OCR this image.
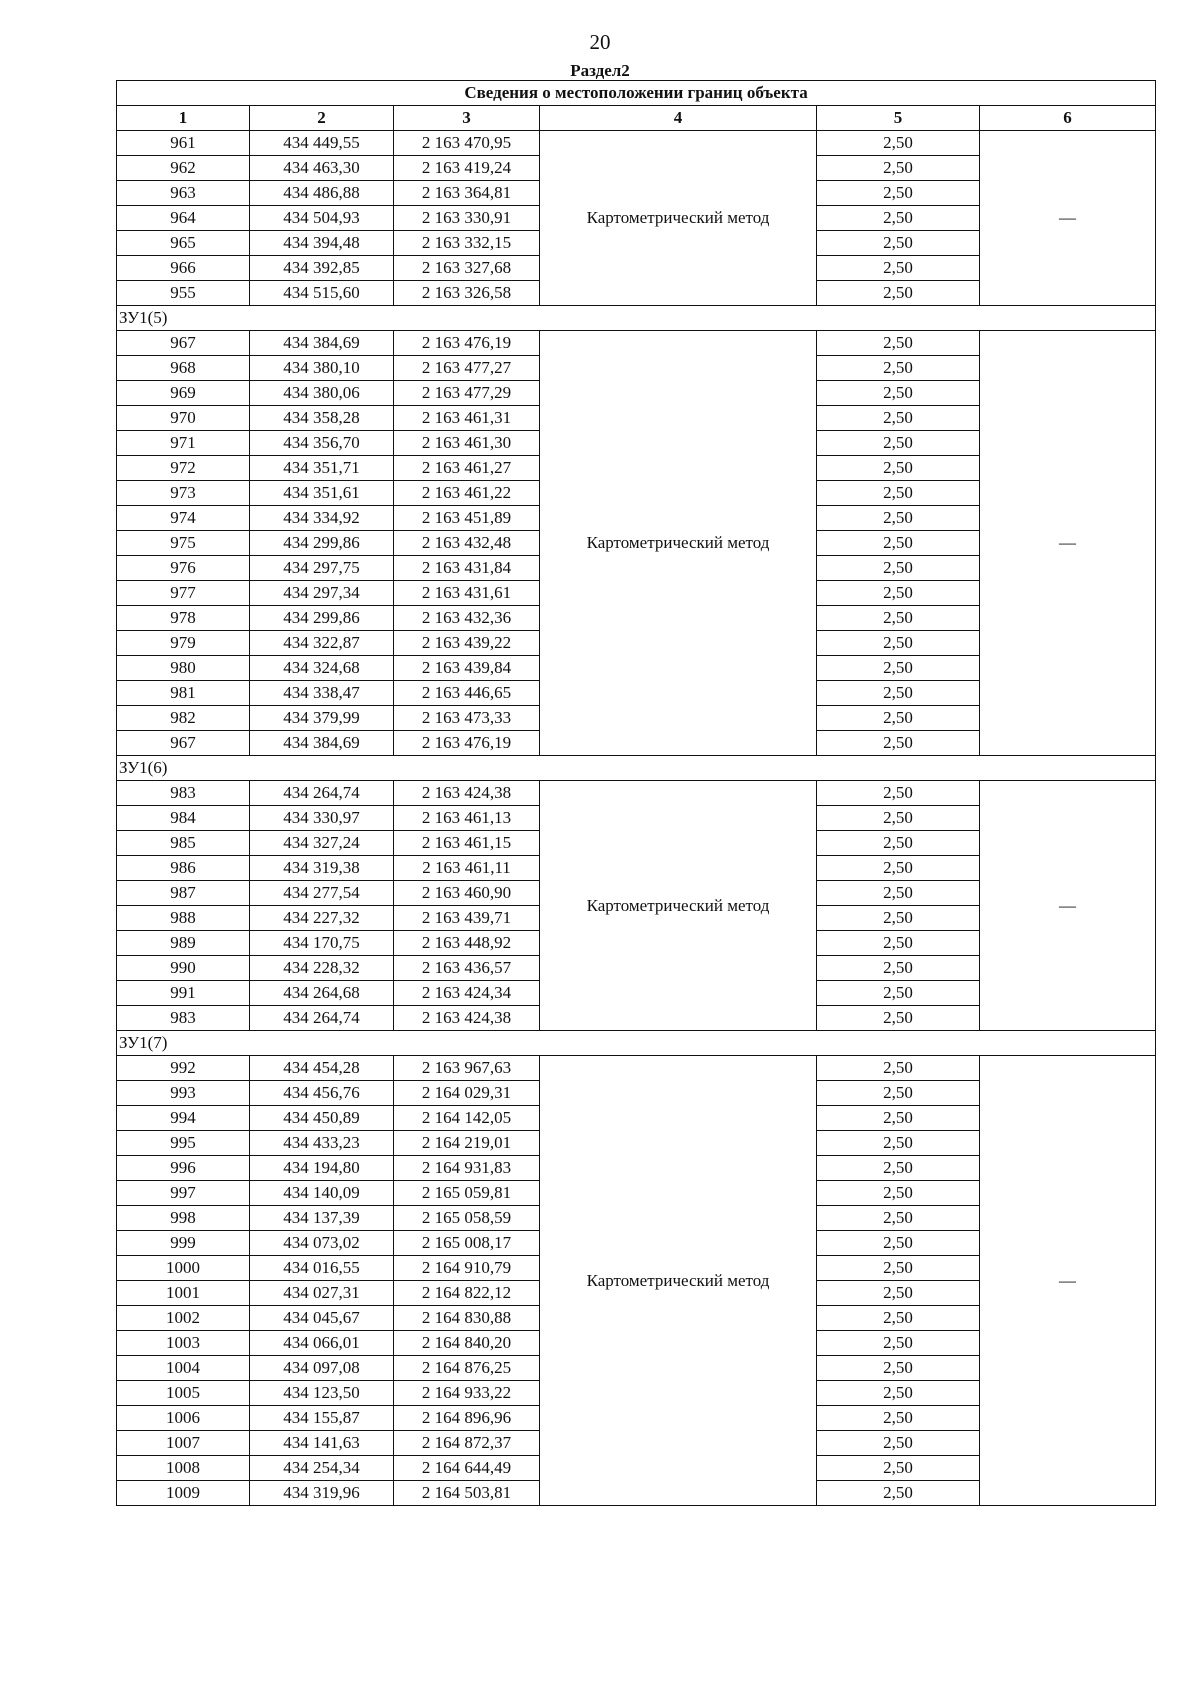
20
Раздел2
Сведения о местоположении границ объекта					
1	2	3	4	5	6
961	434 449,55	2 163 470,95	Картометрический метод	2,50	—
962	434 463,30	2 163 419,24		2,50	
963	434 486,88	2 163 364,81		2,50	
964	434 504,93	2 163 330,91		2,50	
965	434 394,48	2 163 332,15		2,50	
966	434 392,85	2 163 327,68		2,50	
955	434 515,60	2 163 326,58		2,50	
ЗУ1(5)					
967	434 384,69	2 163 476,19	Картометрический метод	2,50	—
968	434 380,10	2 163 477,27		2,50	
969	434 380,06	2 163 477,29		2,50	
970	434 358,28	2 163 461,31		2,50	
971	434 356,70	2 163 461,30		2,50	
972	434 351,71	2 163 461,27		2,50	
973	434 351,61	2 163 461,22		2,50	
974	434 334,92	2 163 451,89		2,50	
975	434 299,86	2 163 432,48		2,50	
976	434 297,75	2 163 431,84		2,50	
977	434 297,34	2 163 431,61		2,50	
978	434 299,86	2 163 432,36		2,50	
979	434 322,87	2 163 439,22		2,50	
980	434 324,68	2 163 439,84		2,50	
981	434 338,47	2 163 446,65		2,50	
982	434 379,99	2 163 473,33		2,50	
967	434 384,69	2 163 476,19		2,50	
ЗУ1(6)					
983	434 264,74	2 163 424,38	Картометрический метод	2,50	—
984	434 330,97	2 163 461,13		2,50	
985	434 327,24	2 163 461,15		2,50	
986	434 319,38	2 163 461,11		2,50	
987	434 277,54	2 163 460,90		2,50	
988	434 227,32	2 163 439,71		2,50	
989	434 170,75	2 163 448,92		2,50	
990	434 228,32	2 163 436,57		2,50	
991	434 264,68	2 163 424,34		2,50	
983	434 264,74	2 163 424,38		2,50	
ЗУ1(7)					
992	434 454,28	2 163 967,63	Картометрический метод	2,50	—
993	434 456,76	2 164 029,31		2,50	
994	434 450,89	2 164 142,05		2,50	
995	434 433,23	2 164 219,01		2,50	
996	434 194,80	2 164 931,83		2,50	
997	434 140,09	2 165 059,81		2,50	
998	434 137,39	2 165 058,59		2,50	
999	434 073,02	2 165 008,17		2,50	
1000	434 016,55	2 164 910,79		2,50	
1001	434 027,31	2 164 822,12		2,50	
1002	434 045,67	2 164 830,88		2,50	
1003	434 066,01	2 164 840,20		2,50	
1004	434 097,08	2 164 876,25		2,50	
1005	434 123,50	2 164 933,22		2,50	
1006	434 155,87	2 164 896,96		2,50	
1007	434 141,63	2 164 872,37		2,50	
1008	434 254,34	2 164 644,49		2,50	
1009	434 319,96	2 164 503,81		2,50	
